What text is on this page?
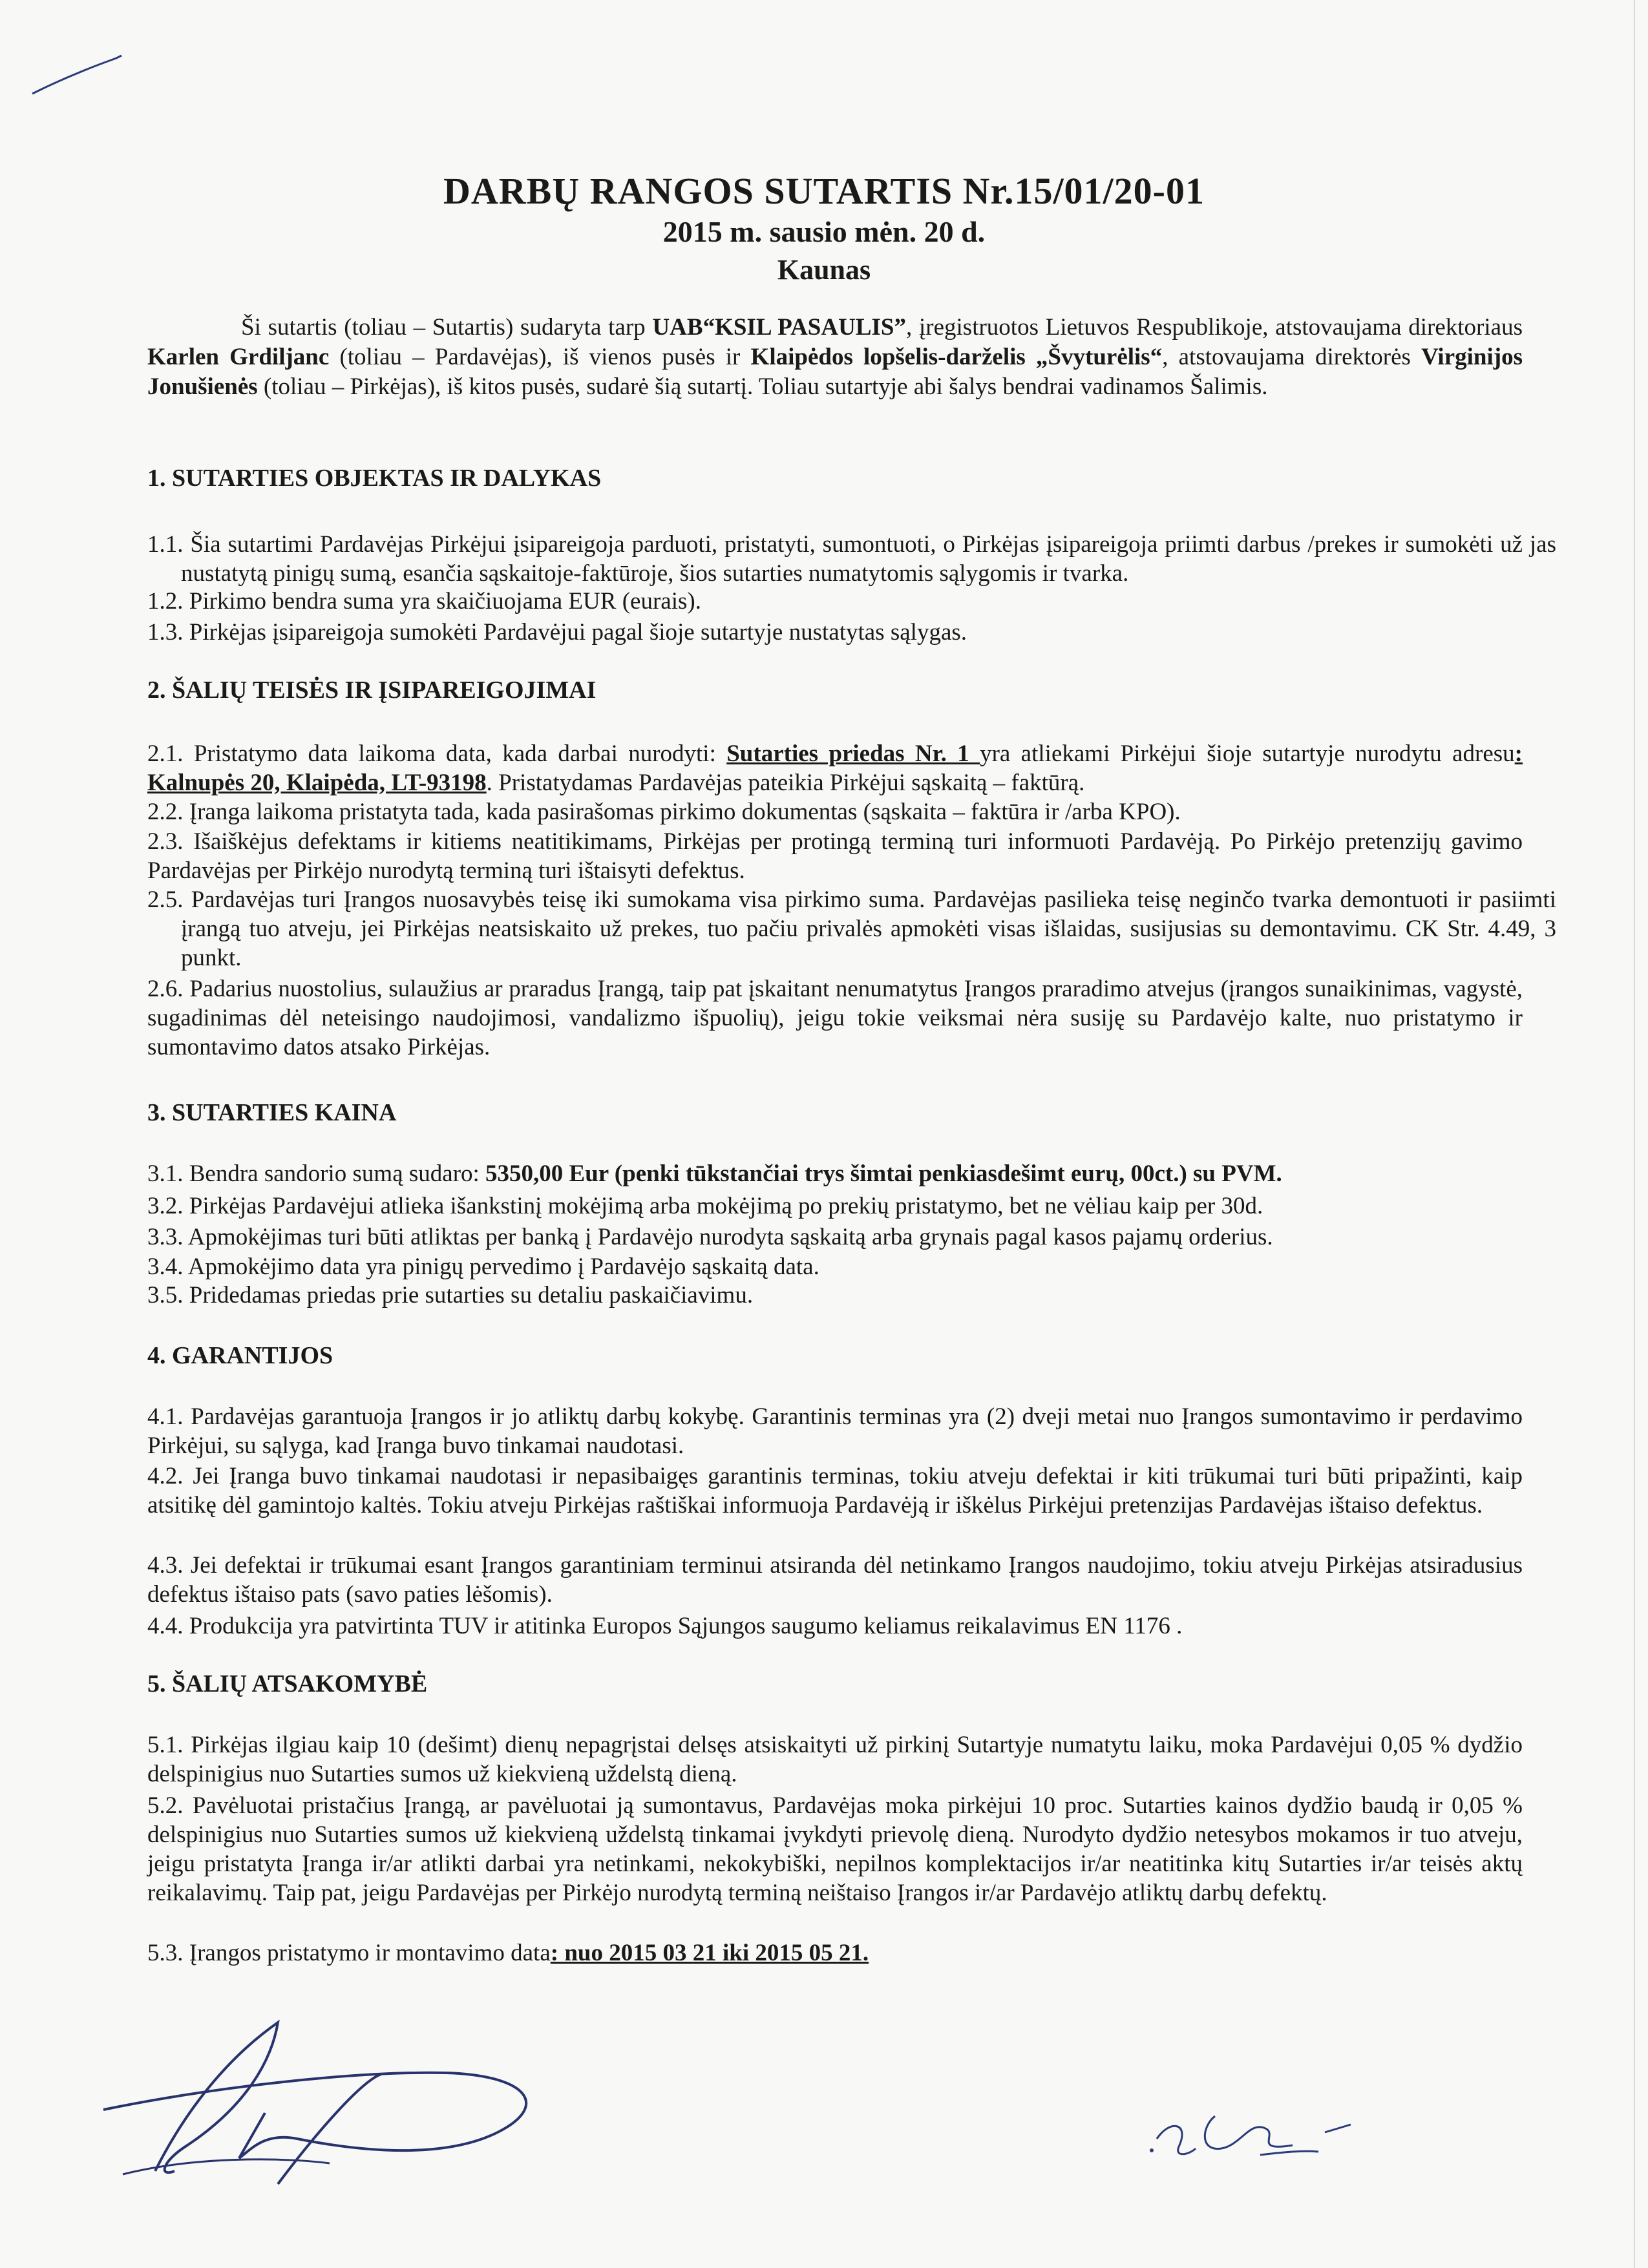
DARBŲ RANGOS SUTARTIS Nr.15/01/20-01
2015 m. sausio mėn. 20 d.
Kaunas
Ši sutartis (toliau – Sutartis) sudaryta tarp UAB“KSIL PASAULIS”, įregistruotos Lietuvos Respublikoje, atstovaujama direktoriaus Karlen Grdiljanc (toliau – Pardavėjas), iš vienos pusės ir Klaipėdos lopšelis-darželis „Švyturėlis“, atstovaujama direktorės Virginijos Jonušienės (toliau – Pirkėjas), iš kitos pusės, sudarė šią sutartį. Toliau sutartyje abi šalys bendrai vadinamos Šalimis.
1. SUTARTIES OBJEKTAS IR DALYKAS
1.1. Šia sutartimi Pardavėjas Pirkėjui įsipareigoja parduoti, pristatyti, sumontuoti, o Pirkėjas įsipareigoja priimti darbus /prekes ir sumokėti už jas nustatytą pinigų sumą, esančia sąskaitoje-faktūroje, šios sutarties numatytomis sąlygomis ir tvarka.
1.2. Pirkimo bendra suma yra skaičiuojama EUR (eurais).
1.3. Pirkėjas įsipareigoja sumokėti Pardavėjui pagal šioje sutartyje nustatytas sąlygas.
2. ŠALIŲ TEISĖS IR ĮSIPAREIGOJIMAI
2.1. Pristatymo data laikoma data, kada darbai nurodyti: Sutarties priedas Nr. 1 yra atliekami Pirkėjui šioje sutartyje nurodytu adresu: Kalnupės 20, Klaipėda, LT-93198. Pristatydamas Pardavėjas pateikia Pirkėjui sąskaitą – faktūrą.
2.2. Įranga laikoma pristatyta tada, kada pasirašomas pirkimo dokumentas (sąskaita – faktūra ir /arba KPO).
2.3. Išaiškėjus defektams ir kitiems neatitikimams, Pirkėjas per protingą terminą turi informuoti Pardavėją. Po Pirkėjo pretenzijų gavimo Pardavėjas per Pirkėjo nurodytą terminą turi ištaisyti defektus.
2.5. Pardavėjas turi Įrangos nuosavybės teisę iki sumokama visa pirkimo suma. Pardavėjas pasilieka teisę neginčo tvarka demontuoti ir pasiimti įrangą tuo atveju, jei Pirkėjas neatsiskaito už prekes, tuo pačiu privalės apmokėti visas išlaidas, susijusias su demontavimu. CK Str. 4.49, 3 punkt.
2.6. Padarius nuostolius, sulaužius ar praradus Įrangą, taip pat įskaitant nenumatytus Įrangos praradimo atvejus (įrangos sunaikinimas, vagystė, sugadinimas dėl neteisingo naudojimosi, vandalizmo išpuolių), jeigu tokie veiksmai nėra susiję su Pardavėjo kalte, nuo pristatymo ir sumontavimo datos atsako Pirkėjas.
3. SUTARTIES KAINA
3.1. Bendra sandorio sumą sudaro: 5350,00 Eur (penki tūkstančiai trys šimtai penkiasdešimt eurų, 00ct.) su PVM.
3.2. Pirkėjas Pardavėjui atlieka išankstinį mokėjimą arba mokėjimą po prekių pristatymo, bet ne vėliau kaip per 30d.
3.3. Apmokėjimas turi būti atliktas per banką į Pardavėjo nurodyta sąskaitą arba grynais pagal kasos pajamų orderius.
3.4. Apmokėjimo data yra pinigų pervedimo į Pardavėjo sąskaitą data.
3.5. Pridedamas priedas prie sutarties su detaliu paskaičiavimu.
4. GARANTIJOS
4.1. Pardavėjas garantuoja Įrangos ir jo atliktų darbų kokybę. Garantinis terminas yra (2) dveji metai nuo Įrangos sumontavimo ir perdavimo Pirkėjui, su sąlyga, kad Įranga buvo tinkamai naudotasi.
4.2. Jei Įranga buvo tinkamai naudotasi ir nepasibaigęs garantinis terminas, tokiu atveju defektai ir kiti trūkumai turi būti pripažinti, kaip atsitikę dėl gamintojo kaltės. Tokiu atveju Pirkėjas raštiškai informuoja Pardavėją ir iškėlus Pirkėjui pretenzijas Pardavėjas ištaiso defektus.
4.3. Jei defektai ir trūkumai esant Įrangos garantiniam terminui atsiranda dėl netinkamo Įrangos naudojimo, tokiu atveju Pirkėjas atsiradusius defektus ištaiso pats (savo paties lėšomis).
4.4. Produkcija yra patvirtinta TUV ir atitinka Europos Sąjungos saugumo keliamus reikalavimus EN 1176 .
5. ŠALIŲ ATSAKOMYBĖ
5.1. Pirkėjas ilgiau kaip 10 (dešimt) dienų nepagrįstai delsęs atsiskaityti už pirkinį Sutartyje numatytu laiku, moka Pardavėjui 0,05 % dydžio delspinigius nuo Sutarties sumos už kiekvieną uždelstą dieną.
5.2. Pavėluotai pristačius Įrangą, ar pavėluotai ją sumontavus, Pardavėjas moka pirkėjui 10 proc. Sutarties kainos dydžio baudą ir 0,05 % delspinigius nuo Sutarties sumos už kiekvieną uždelstą tinkamai įvykdyti prievolę dieną. Nurodyto dydžio netesybos mokamos ir tuo atveju, jeigu pristatyta Įranga ir/ar atlikti darbai yra netinkami, nekokybiški, nepilnos komplektacijos ir/ar neatitinka kitų Sutarties ir/ar teisės aktų reikalavimų. Taip pat, jeigu Pardavėjas per Pirkėjo nurodytą terminą neištaiso Įrangos ir/ar Pardavėjo atliktų darbų defektų.
5.3. Įrangos pristatymo ir montavimo data: nuo 2015 03 21 iki 2015 05 21.
